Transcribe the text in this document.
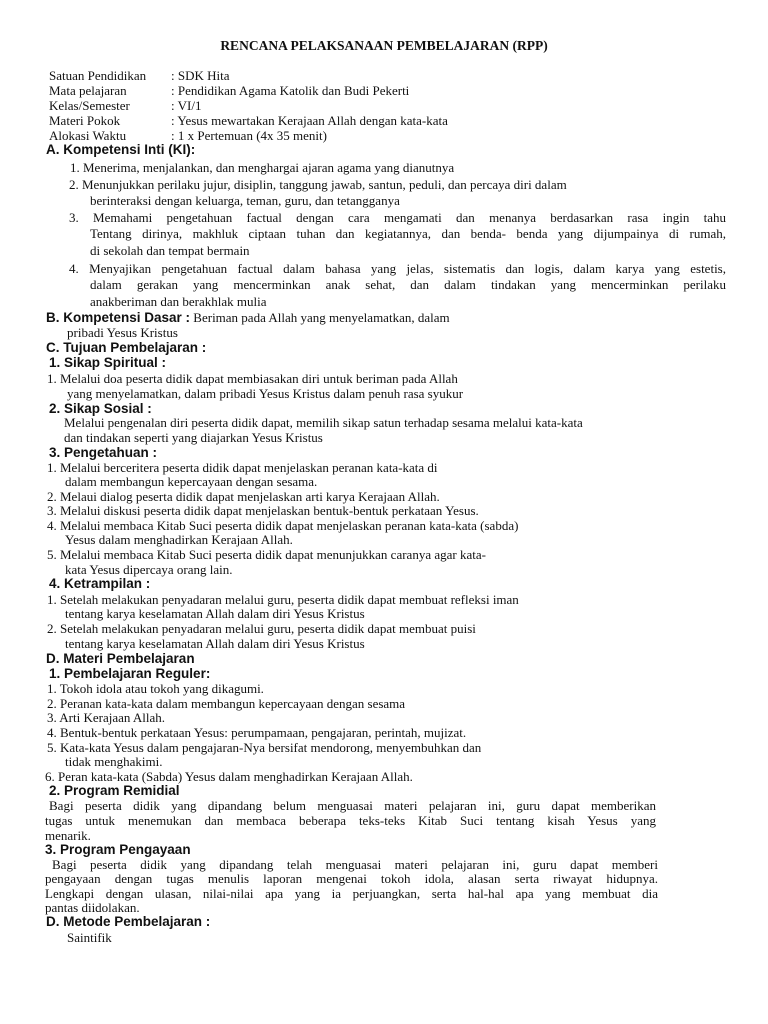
RENCANA PELAKSANAAN PEMBELAJARAN (RPP)
Satuan Pendidikan : SDK Hita
Mata pelajaran	: Pendidikan Agama Katolik dan Budi Pekerti
Kelas/Semester	: VI/1
Materi Pokok	: Yesus mewartakan Kerajaan Allah dengan kata-kata
Alokasi Waktu	: 1 x Pertemuan (4x 35 menit)
A. Kompetensi Inti (KI):
1. Menerima, menjalankan, dan menghargai ajaran agama yang dianutnya
2. Menunjukkan perilaku jujur, disiplin, tanggung jawab, santun, peduli, dan percaya diri dalam
berinteraksi dengan keluarga, teman, guru, dan tetangganya
3. Memahami pengetahuan factual dengan cara mengamati dan menanya berdasarkan rasa ingin tahu
Tentang dirinya, makhluk ciptaan tuhan dan kegiatannya, dan benda- benda yang dijumpainya di rumah,
di sekolah dan tempat bermain
4. Menyajikan pengetahuan factual dalam bahasa yang jelas, sistematis dan logis, dalam karya yang estetis,
dalam gerakan yang mencerminkan anak sehat, dan dalam tindakan yang mencerminkan perilaku
anakberiman dan berakhlak mulia
B. Kompetensi Dasar : Beriman pada Allah yang menyelamatkan, dalam
pribadi Yesus Kristus
C. Tujuan Pembelajaran :
1. Sikap Spiritual :
1. Melalui doa peserta didik dapat membiasakan diri untuk beriman pada Allah
yang menyelamatkan, dalam pribadi Yesus Kristus dalam penuh rasa syukur
2. Sikap Sosial :
Melalui pengenalan diri peserta didik dapat, memilih sikap satun terhadap sesama melalui kata-kata
dan tindakan seperti yang diajarkan Yesus Kristus
3. Pengetahuan :
1. Melalui berceritera peserta didik dapat menjelaskan peranan kata-kata di
dalam membangun kepercayaan dengan sesama.
2. Melaui dialog peserta didik dapat menjelaskan arti karya Kerajaan Allah.
3. Melalui diskusi peserta didik dapat menjelaskan bentuk-bentuk perkataan Yesus.
4. Melalui membaca Kitab Suci peserta didik dapat menjelaskan peranan kata-kata (sabda)
Yesus dalam menghadirkan Kerajaan Allah.
5. Melalui membaca Kitab Suci peserta didik dapat menunjukkan caranya agar kata-
kata Yesus dipercaya orang lain.
4. Ketrampilan :
1. Setelah melakukan penyadaran melalui guru, peserta didik dapat membuat refleksi iman
tentang karya keselamatan Allah dalam diri Yesus Kristus
2. Setelah melakukan penyadaran melalui guru, peserta didik dapat membuat puisi
tentang karya keselamatan Allah dalam diri Yesus Kristus
D. Materi Pembelajaran
1. Pembelajaran Reguler:
1. Tokoh idola atau tokoh yang dikagumi.
2. Peranan kata-kata dalam membangun kepercayaan dengan sesama
3. Arti Kerajaan Allah.
4. Bentuk-bentuk perkataan Yesus: perumpamaan, pengajaran, perintah, mujizat.
5. Kata-kata Yesus dalam pengajaran-Nya bersifat mendorong, menyembuhkan dan
tidak menghakimi.
6. Peran kata-kata (Sabda) Yesus dalam menghadirkan Kerajaan Allah.
2. Program Remidial
Bagi peserta didik yang dipandang belum menguasai materi pelajaran ini, guru dapat memberikan
tugas untuk menemukan dan membaca beberapa teks-teks Kitab Suci tentang kisah Yesus yang
menarik.
3. Program Pengayaan
Bagi peserta didik yang dipandang telah menguasai materi pelajaran ini, guru dapat memberi
pengayaan dengan tugas menulis laporan mengenai tokoh idola, alasan serta riwayat hidupnya.
Lengkapi dengan ulasan, nilai-nilai apa yang ia perjuangkan, serta hal-hal apa yang membuat dia
pantas diidolakan.
D. Metode Pembelajaran :
Saintifik
